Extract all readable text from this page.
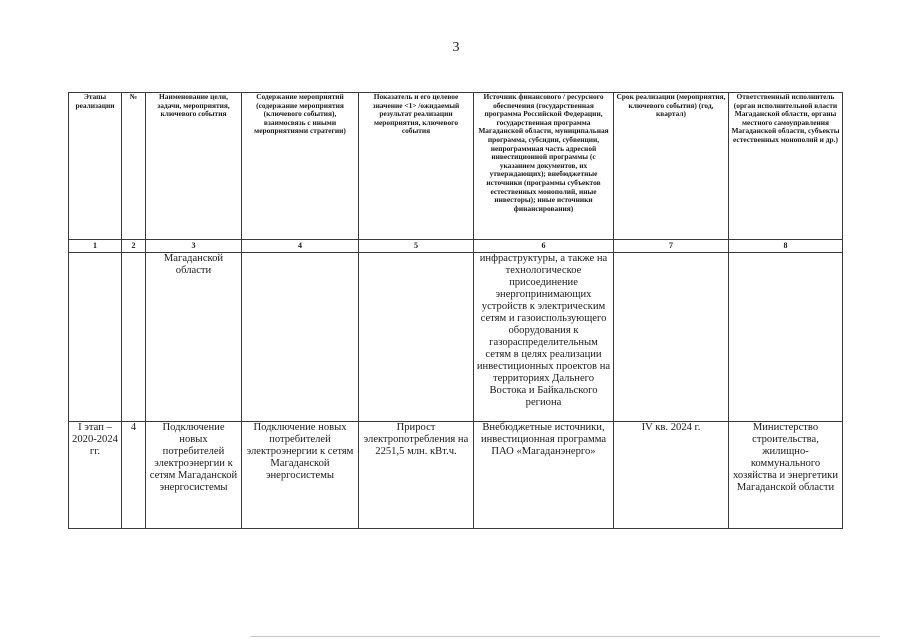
3
Этапы реализации	№	Наименование цели, задачи, мероприятия, ключевого события	Содержание мероприятий (содержание мероприятия (ключевого события), взаимосвязь с иными мероприятиями стратегии)	Показатель и его целевое значение <1> /ожидаемый результат реализации мероприятия, ключевого события	Источник финансового / ресурсного обеспечения (государственная программа Российской Федерации, государственная программа Магаданской области, муниципальная программа, субсидии, субвенции, непрограммная часть адресной инвестиционной программы (с указанием документов, их утверждающих); внебюджетные источники (программы субъектов естественных монополий, иные инвесторы); иные источники финансирования)	Срок реализации (мероприятия, ключевого события) (год, квартал)	Ответственный исполнитель (орган исполнительной власти Магаданской области, органы местного самоуправления Магаданской области, субъекты естественных монополий и др.)
1	2	3	4	5	6	7	8
		Магаданской области			инфраструктуры, а также на технологическое присоединение энергопринимающих устройств к электрическим сетям и газоиспользующего оборудования к газораспределительным сетям в целях реализации инвестиционных проектов на территориях Дальнего Востока и Байкальского региона		
I этап – 2020-2024 гг.	4	Подключение новых потребителей электроэнергии к сетям Магаданской энергосистемы	Подключение новых потребителей электроэнергии к сетям Магаданской энергосистемы	Прирост электропотребления на 2251,5 млн. кВт.ч.	Внебюджетные источники, инвестиционная программа ПАО «Магаданэнерго»	IV кв. 2024 г.	Министерство строительства, жилищно-коммунального хозяйства и энергетики Магаданской области
